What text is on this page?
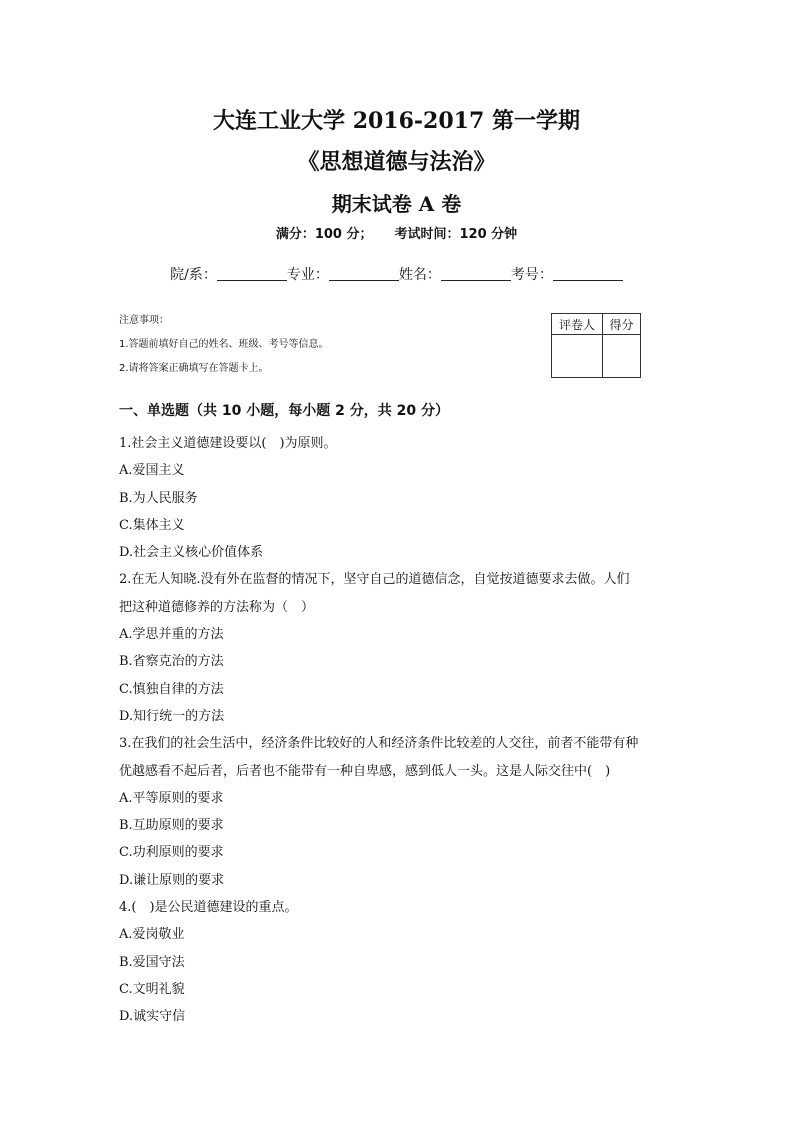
大连工业大学 2016-2017 第一学期
《思想道德与法治》
期末试卷 A 卷
满分：100 分； 考试时间：120 分钟
院/系：	专业：	姓名：	考号：
注意事项：
1.答题前填好自己的姓名、班级、考号等信息。
2.请将答案正确填写在答题卡上。
评卷人	得分

一、单选题（共 10 小题，每小题 2 分，共 20 分）
1.社会主义道德建设要以(　)为原则。
A.爱国主义
B.为人民服务
C.集体主义
D.社会主义核心价值体系
2.在无人知晓.没有外在监督的情况下，坚守自己的道德信念，自觉按道德要求去做。人们
把这种道德修养的方法称为（　）
A.学思并重的方法
B.省察克治的方法
C.慎独自律的方法
D.知行统一的方法
3.在我们的社会生活中，经济条件比较好的人和经济条件比较差的人交往，前者不能带有种
优越感看不起后者，后者也不能带有一种自卑感，感到低人一头。这是人际交往中(　)
A.平等原则的要求
B.互助原则的要求
C.功利原则的要求
D.谦让原则的要求
4.(　)是公民道德建设的重点。
A.爱岗敬业
B.爱国守法
C.文明礼貌
D.诚实守信
